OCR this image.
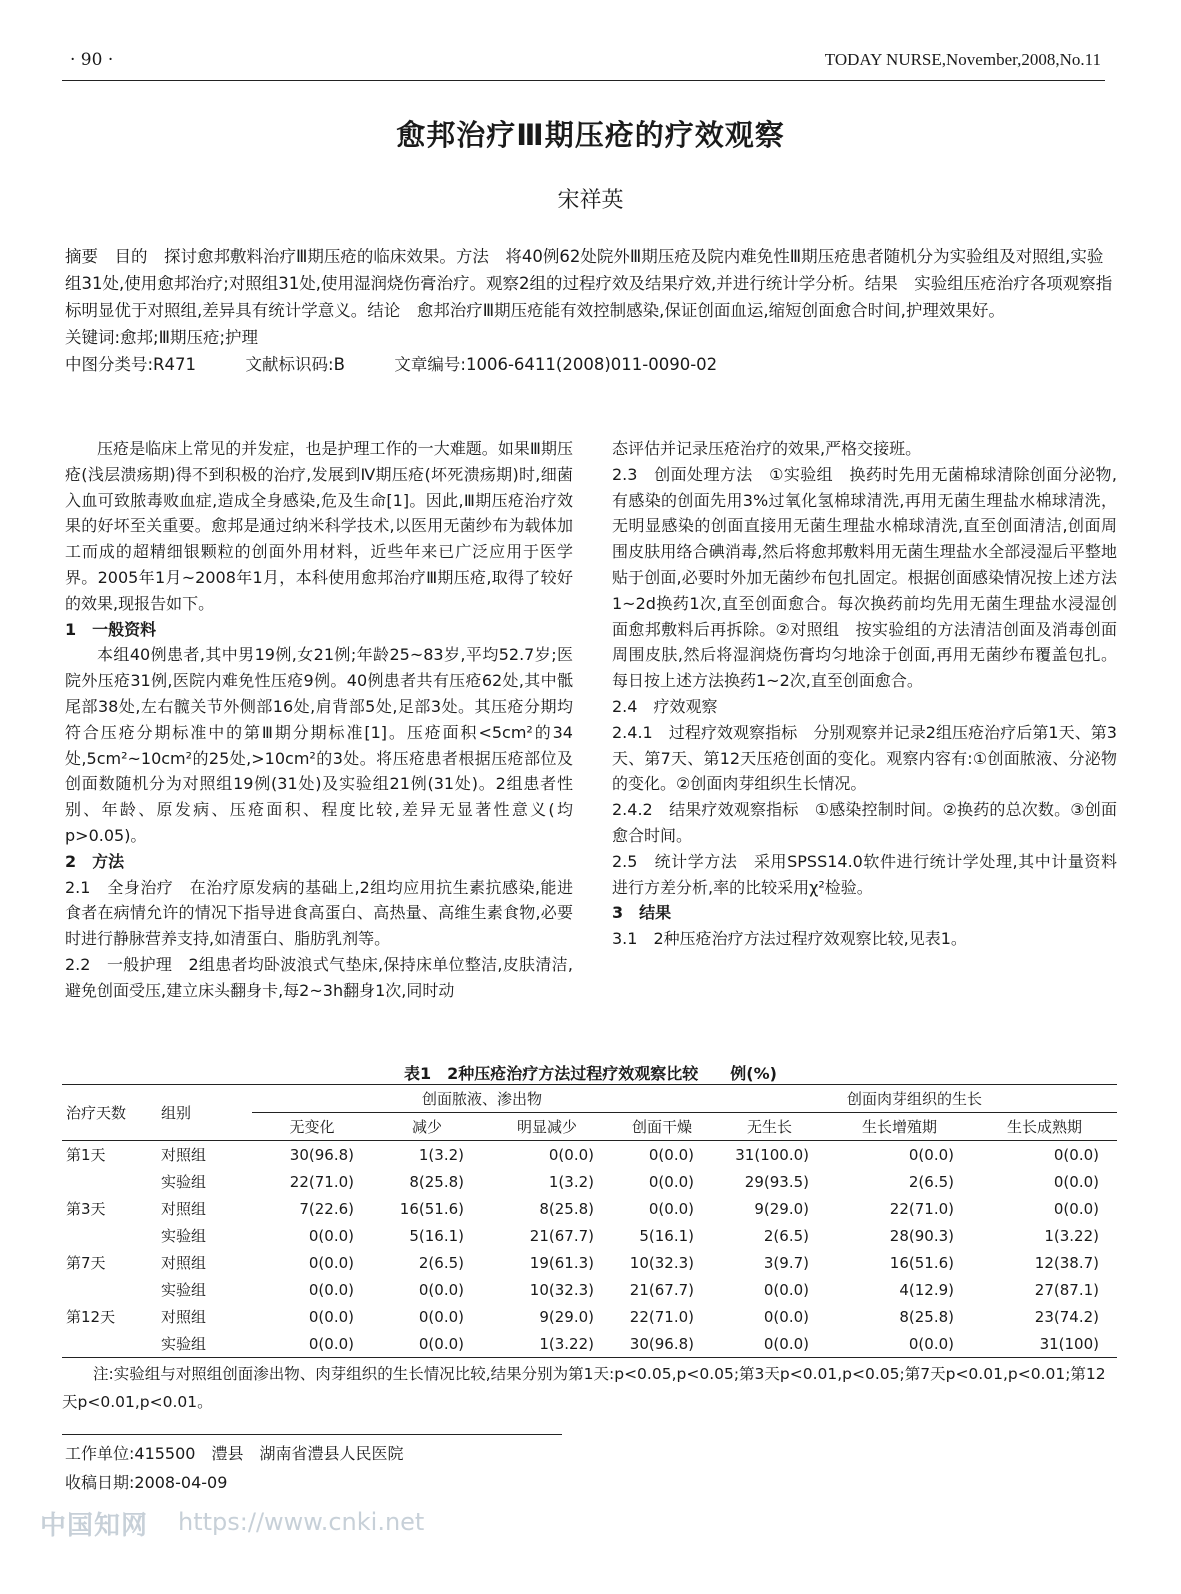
· 90 ·	TODAY NURSE,November,2008,No.11
愈邦治疗Ⅲ期压疮的疗效观察
宋祥英
摘要　目的　探讨愈邦敷料治疗Ⅲ期压疮的临床效果。方法　将40例62处院外Ⅲ期压疮及院内难免性Ⅲ期压疮患者随机分为实验组及对照组,实验组31处,使用愈邦治疗;对照组31处,使用湿润烧伤膏治疗。观察2组的过程疗效及结果疗效,并进行统计学分析。结果　实验组压疮治疗各项观察指标明显优于对照组,差异具有统计学意义。结论　愈邦治疗Ⅲ期压疮能有效控制感染,保证创面血运,缩短创面愈合时间,护理效果好。
关键词:愈邦;Ⅲ期压疮;护理
中图分类号:R471　　　文献标识码:B　　　文章编号:1006-6411(2008)011-0090-02

压疮是临床上常见的并发症，也是护理工作的一大难题。如果Ⅲ期压疮(浅层溃疡期)得不到积极的治疗,发展到Ⅳ期压疮(坏死溃疡期)时,细菌入血可致脓毒败血症,造成全身感染,危及生命[1]。因此,Ⅲ期压疮治疗效果的好坏至关重要。愈邦是通过纳米科学技术,以医用无菌纱布为载体加工而成的超精细银颗粒的创面外用材料，近些年来已广泛应用于医学界。2005年1月~2008年1月，本科使用愈邦治疗Ⅲ期压疮,取得了较好的效果,现报告如下。

1　一般资料

本组40例患者,其中男19例,女21例;年龄25~83岁,平均52.7岁;医院外压疮31例,医院内难免性压疮9例。40例患者共有压疮62处,其中骶尾部38处,左右髋关节外侧部16处,肩背部5处,足部3处。其压疮分期均符合压疮分期标准中的第Ⅲ期分期标准[1]。压疮面积<5cm²的34处,5cm²~10cm²的25处,>10cm²的3处。将压疮患者根据压疮部位及创面数随机分为对照组19例(31处)及实验组21例(31处)。2组患者性别、年龄、原发病、压疮面积、程度比较,差异无显著性意义(均p>0.05)。

2　方法

2.1　全身治疗　在治疗原发病的基础上,2组均应用抗生素抗感染,能进食者在病情允许的情况下指导进食高蛋白、高热量、高维生素食物,必要时进行静脉营养支持,如清蛋白、脂肪乳剂等。

2.2　一般护理　2组患者均卧波浪式气垫床,保持床单位整洁,皮肤清洁,避免创面受压,建立床头翻身卡,每2~3h翻身1次,同时动

态评估并记录压疮治疗的效果,严格交接班。

2.3　创面处理方法　①实验组　换药时先用无菌棉球清除创面分泌物,有感染的创面先用3%过氧化氢棉球清洗,再用无菌生理盐水棉球清洗，无明显感染的创面直接用无菌生理盐水棉球清洗,直至创面清洁,创面周围皮肤用络合碘消毒,然后将愈邦敷料用无菌生理盐水全部浸湿后平整地贴于创面,必要时外加无菌纱布包扎固定。根据创面感染情况按上述方法1~2d换药1次,直至创面愈合。每次换药前均先用无菌生理盐水浸湿创面愈邦敷料后再拆除。②对照组　按实验组的方法清洁创面及消毒创面周围皮肤,然后将湿润烧伤膏均匀地涂于创面,再用无菌纱布覆盖包扎。每日按上述方法换药1~2次,直至创面愈合。

2.4　疗效观察

2.4.1　过程疗效观察指标　分别观察并记录2组压疮治疗后第1天、第3天、第7天、第12天压疮创面的变化。观察内容有:①创面脓液、分泌物的变化。②创面肉芽组织生长情况。

2.4.2　结果疗效观察指标　①感染控制时间。②换药的总次数。③创面愈合时间。

2.5　统计学方法　采用SPSS14.0软件进行统计学处理,其中计量资料进行方差分析,率的比较采用χ²检验。

3　结果

3.1　2种压疮治疗方法过程疗效观察比较,见表1。

表1　2种压疮治疗方法过程疗效观察比较　　例(%)
治疗天数	组别	创面脓液、渗出物				创面肉芽组织的生长		
		无变化	减少	明显减少	创面干燥	无生长	生长增殖期	生长成熟期
第1天	对照组	30(96.8)	1(3.2)	0(0.0)	0(0.0)	31(100.0)	0(0.0)	0(0.0)
	实验组	22(71.0)	8(25.8)	1(3.2)	0(0.0)	29(93.5)	2(6.5)	0(0.0)
第3天	对照组	7(22.6)	16(51.6)	8(25.8)	0(0.0)	9(29.0)	22(71.0)	0(0.0)
	实验组	0(0.0)	5(16.1)	21(67.7)	5(16.1)	2(6.5)	28(90.3)	1(3.22)
第7天	对照组	0(0.0)	2(6.5)	19(61.3)	10(32.3)	3(9.7)	16(51.6)	12(38.7)
	实验组	0(0.0)	0(0.0)	10(32.3)	21(67.7)	0(0.0)	4(12.9)	27(87.1)
第12天	对照组	0(0.0)	0(0.0)	9(29.0)	22(71.0)	0(0.0)	8(25.8)	23(74.2)
	实验组	0(0.0)	0(0.0)	1(3.22)	30(96.8)	0(0.0)	0(0.0)	31(100)
注:实验组与对照组创面渗出物、肉芽组织的生长情况比较,结果分别为第1天:p<0.05,p<0.05;第3天p<0.01,p<0.05;第7天p<0.01,p<0.01;第12天p<0.01,p<0.01。
工作单位:415500　澧县　湖南省澧县人民医院
收稿日期:2008-04-09
中国知网 https://www.cnki.net
